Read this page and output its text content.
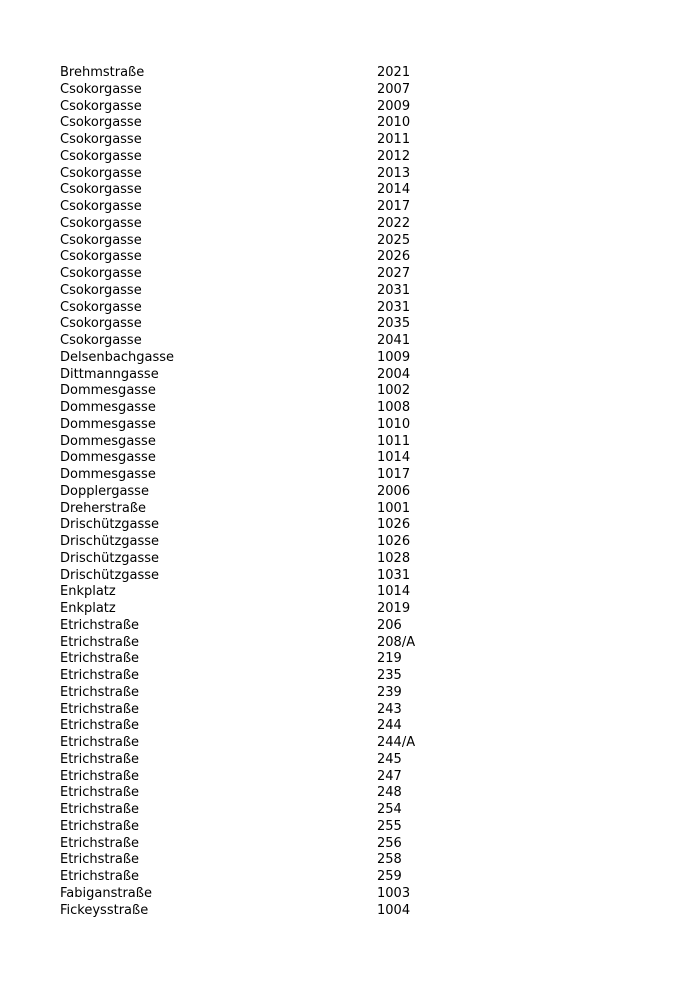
Brehmstraße	2021
Csokorgasse	2007
Csokorgasse	2009
Csokorgasse	2010
Csokorgasse	2011
Csokorgasse	2012
Csokorgasse	2013
Csokorgasse	2014
Csokorgasse	2017
Csokorgasse	2022
Csokorgasse	2025
Csokorgasse	2026
Csokorgasse	2027
Csokorgasse	2031
Csokorgasse	2031
Csokorgasse	2035
Csokorgasse	2041
Delsenbachgasse	1009
Dittmanngasse	2004
Dommesgasse	1002
Dommesgasse	1008
Dommesgasse	1010
Dommesgasse	1011
Dommesgasse	1014
Dommesgasse	1017
Dopplergasse	2006
Dreherstraße	1001
Drischützgasse	1026
Drischützgasse	1026
Drischützgasse	1028
Drischützgasse	1031
Enkplatz	1014
Enkplatz	2019
Etrichstraße	206
Etrichstraße	208/A
Etrichstraße	219
Etrichstraße	235
Etrichstraße	239
Etrichstraße	243
Etrichstraße	244
Etrichstraße	244/A
Etrichstraße	245
Etrichstraße	247
Etrichstraße	248
Etrichstraße	254
Etrichstraße	255
Etrichstraße	256
Etrichstraße	258
Etrichstraße	259
Fabiganstraße	1003
Fickeysstraße	1004
